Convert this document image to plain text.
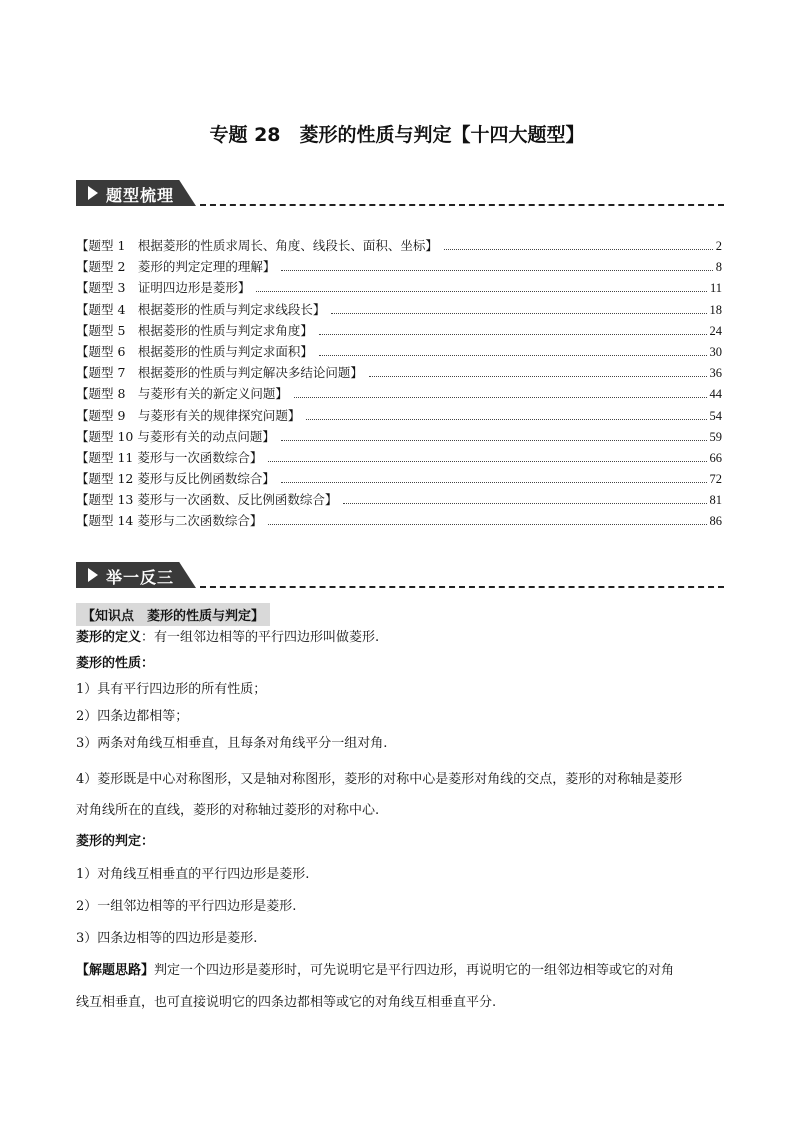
专题 28　菱形的性质与判定【十四大题型】
题型梳理
【题型 1　根据菱形的性质求周长、角度、线段长、面积、坐标】	2
【题型 2　菱形的判定定理的理解】	8
【题型 3　证明四边形是菱形】	11
【题型 4　根据菱形的性质与判定求线段长】	18
【题型 5　根据菱形的性质与判定求角度】	24
【题型 6　根据菱形的性质与判定求面积】	30
【题型 7　根据菱形的性质与判定解决多结论问题】	36
【题型 8　与菱形有关的新定义问题】	44
【题型 9　与菱形有关的规律探究问题】	54
【题型 10 与菱形有关的动点问题】	59
【题型 11 菱形与一次函数综合】	66
【题型 12 菱形与反比例函数综合】	72
【题型 13 菱形与一次函数、反比例函数综合】	81
【题型 14 菱形与二次函数综合】	86
举一反三
【知识点　菱形的性质与判定】
菱形的定义：有一组邻边相等的平行四边形叫做菱形.
菱形的性质：
1）具有平行四边形的所有性质；
2）四条边都相等；
3）两条对角线互相垂直，且每条对角线平分一组对角.
4）菱形既是中心对称图形，又是轴对称图形，菱形的对称中心是菱形对角线的交点，菱形的对称轴是菱形
对角线所在的直线，菱形的对称轴过菱形的对称中心.
菱形的判定：
1）对角线互相垂直的平行四边形是菱形.
2）一组邻边相等的平行四边形是菱形.
3）四条边相等的四边形是菱形.
【解题思路】判定一个四边形是菱形时，可先说明它是平行四边形，再说明它的一组邻边相等或它的对角
线互相垂直，也可直接说明它的四条边都相等或它的对角线互相垂直平分.
